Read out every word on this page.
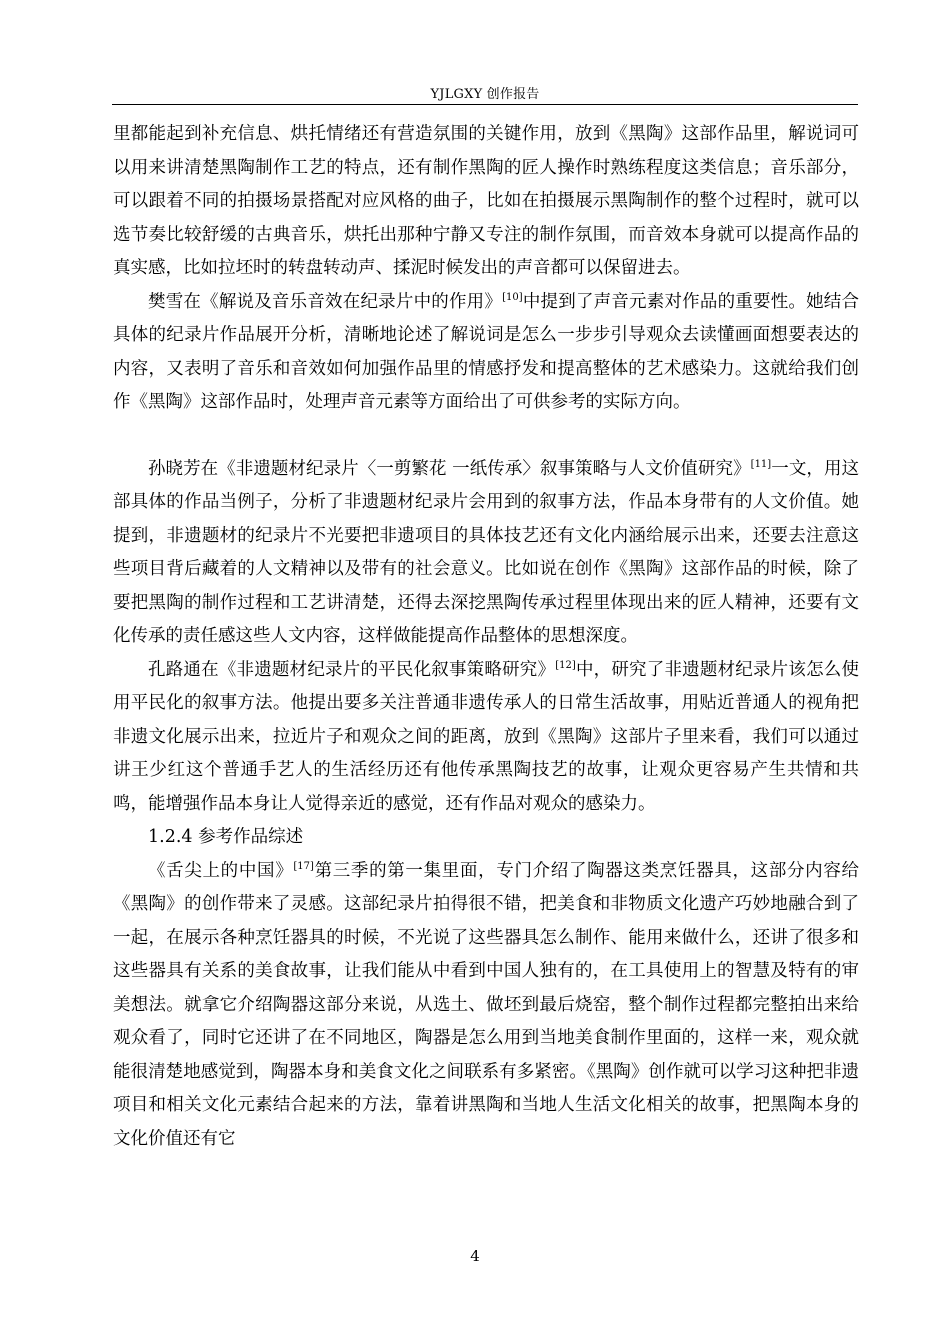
YJLGXY 创作报告

里都能起到补充信息、烘托情绪还有营造氛围的关键作用，放到《黑陶》这部作品里，解说词可以用来讲清楚黑陶制作工艺的特点，还有制作黑陶的匠人操作时熟练程度这类信息；音乐部分，可以跟着不同的拍摄场景搭配对应风格的曲子，比如在拍摄展示黑陶制作的整个过程时，就可以选节奏比较舒缓的古典音乐，烘托出那种宁静又专注的制作氛围，而音效本身就可以提高作品的真实感，比如拉坯时的转盘转动声、揉泥时候发出的声音都可以保留进去。

樊雪在《解说及音乐音效在纪录片中的作用》[10]中提到了声音元素对作品的重要性。她结合具体的纪录片作品展开分析，清晰地论述了解说词是怎么一步步引导观众去读懂画面想要表达的内容，又表明了音乐和音效如何加强作品里的情感抒发和提高整体的艺术感染力。这就给我们创作《黑陶》这部作品时，处理声音元素等方面给出了可供参考的实际方向。

孙晓芳在《非遗题材纪录片〈一剪繁花 一纸传承〉叙事策略与人文价值研究》[11]一文，用这部具体的作品当例子，分析了非遗题材纪录片会用到的叙事方法，作品本身带有的人文价值。她提到，非遗题材的纪录片不光要把非遗项目的具体技艺还有文化内涵给展示出来，还要去注意这些项目背后藏着的人文精神以及带有的社会意义。比如说在创作《黑陶》这部作品的时候，除了要把黑陶的制作过程和工艺讲清楚，还得去深挖黑陶传承过程里体现出来的匠人精神，还要有文化传承的责任感这些人文内容，这样做能提高作品整体的思想深度。

孔路通在《非遗题材纪录片的平民化叙事策略研究》[12]中，研究了非遗题材纪录片该怎么使用平民化的叙事方法。他提出要多关注普通非遗传承人的日常生活故事，用贴近普通人的视角把非遗文化展示出来，拉近片子和观众之间的距离，放到《黑陶》这部片子里来看，我们可以通过讲王少红这个普通手艺人的生活经历还有他传承黑陶技艺的故事，让观众更容易产生共情和共鸣，能增强作品本身让人觉得亲近的感觉，还有作品对观众的感染力。

1.2.4 参考作品综述

《舌尖上的中国》[17]第三季的第一集里面，专门介绍了陶器这类烹饪器具，这部分内容给《黑陶》的创作带来了灵感。这部纪录片拍得很不错，把美食和非物质文化遗产巧妙地融合到了一起，在展示各种烹饪器具的时候，不光说了这些器具怎么制作、能用来做什么，还讲了很多和这些器具有关系的美食故事，让我们能从中看到中国人独有的，在工具使用上的智慧及特有的审美想法。就拿它介绍陶器这部分来说，从选土、做坯到最后烧窑，整个制作过程都完整拍出来给观众看了，同时它还讲了在不同地区，陶器是怎么用到当地美食制作里面的，这样一来，观众就能很清楚地感觉到，陶器本身和美食文化之间联系有多紧密。《黑陶》创作就可以学习这种把非遗项目和相关文化元素结合起来的方法，靠着讲黑陶和当地人生活文化相关的故事，把黑陶本身的文化价值还有它

4
